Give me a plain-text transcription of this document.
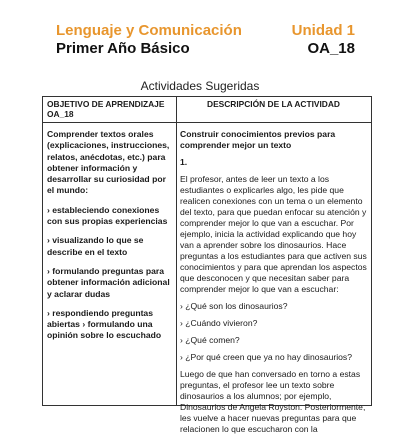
Lenguaje y Comunicación
Primer Año Básico
Unidad 1
OA_18
Actividades Sugeridas
OBJETIVO DE APRENDIZAJE OA_18

Comprender textos orales (explicaciones, instrucciones, relatos, anécdotas, etc.) para obtener información y desarrollar su curiosidad por el mundo:

› estableciendo conexiones con sus propias experiencias

› visualizando lo que se describe en el texto

› formulando preguntas para obtener información adicional y aclarar dudas

› respondiendo preguntas abiertas › formulando una opinión sobre lo escuchado

DESCRIPCIÓN DE LA ACTIVIDAD

Construir conocimientos previos para comprender mejor un texto

1.

El profesor, antes de leer un texto a los estudiantes o explicarles algo, les pide que realicen conexiones con un tema o un elemento del texto, para que puedan enfocar su atención y comprender mejor lo que van a escuchar. Por ejemplo, inicia la actividad explicando que hoy van a aprender sobre los dinosaurios. Hace preguntas a los estudiantes para que activen sus conocimientos y para que aprendan los aspectos que desconocen y que necesitan saber para comprender mejor lo que van a escuchar:

› ¿Qué son los dinosaurios?

› ¿Cuándo vivieron?

› ¿Qué comen?

› ¿Por qué creen que ya no hay dinosaurios?

Luego de que han conversado en torno a estas preguntas, el profesor lee un texto sobre dinosaurios a los alumnos; por ejemplo, Dinosaurios de Angela Royston. Posteriormente, les vuelve a hacer nuevas preguntas para que relacionen lo que escucharon con la
